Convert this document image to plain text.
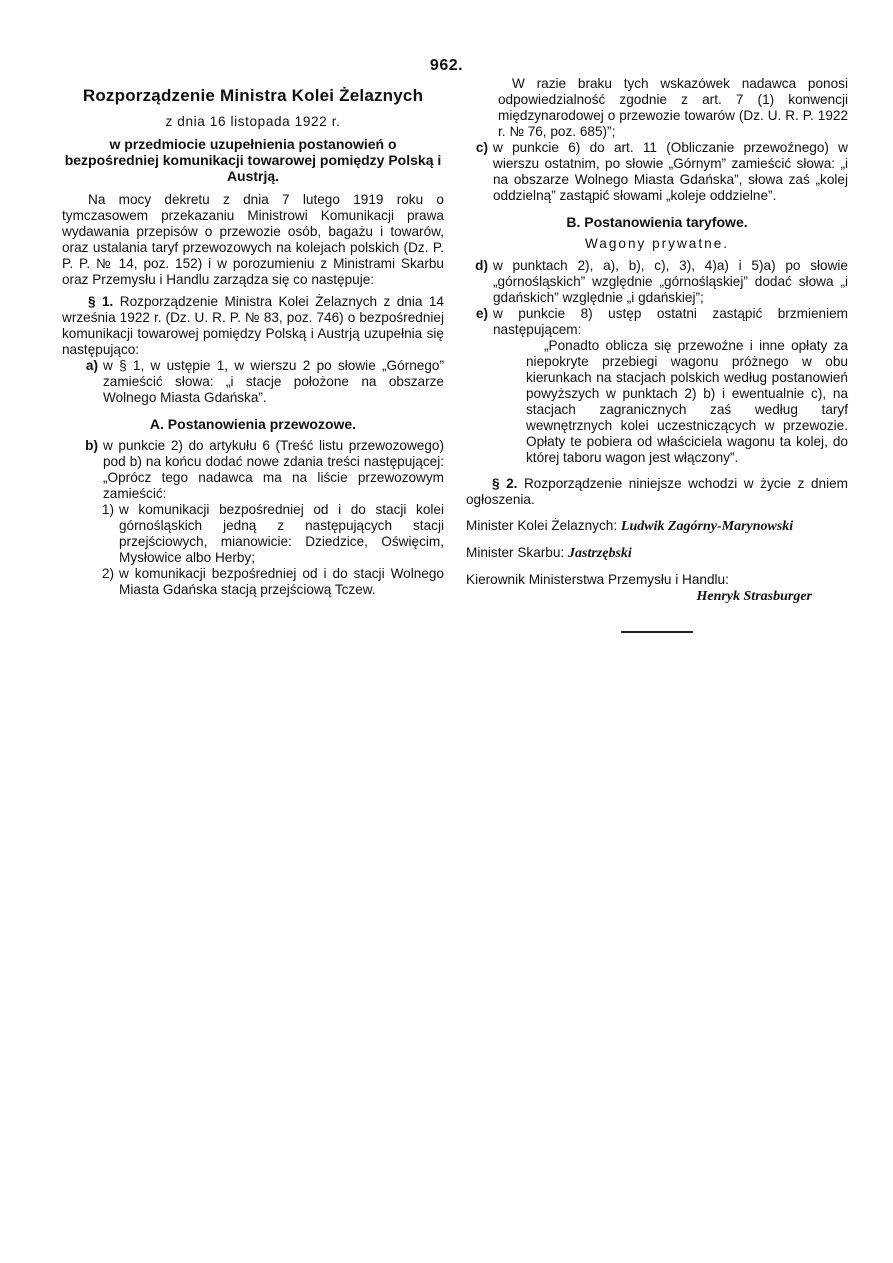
962.
Rozporządzenie Ministra Kolei Żelaznych
z dnia 16 listopada 1922 r.
w przedmiocie uzupełnienia postanowień o bezpośredniej komunikacji towarowej pomiędzy Polską i Austrją.

Na mocy dekretu z dnia 7 lutego 1919 roku o tymczasowem przekazaniu Ministrowi Komunikacji prawa wydawania przepisów o przewozie osób, bagażu i towarów, oraz ustalania taryf przewozowych na kolejach polskich (Dz. P. P. P. № 14, poz. 152) i w porozumieniu z Ministrami Skarbu oraz Przemysłu i Handlu zarządza się co następuje:

§ 1. Rozporządzenie Ministra Kolei Żelaznych z dnia 14 września 1922 r. (Dz. U. R. P. № 83, poz. 746) o bezpośredniej komunikacji towarowej pomiędzy Polską i Austrją uzupełnia się następująco:

a) w § 1, w ustępie 1, w wierszu 2 po słowie „Górnego” zamieścić słowa: „i stacje położone na obszarze Wolnego Miasta Gdańska”.
A. Postanowienia przewozowe.
b) w punkcie 2) do artykułu 6 (Treść listu przewozowego) pod b) na końcu dodać nowe zdania treści następującej: „Oprócz tego nadawca ma na liście przewozowym zamieścić:
1) w komunikacji bezpośredniej od i do stacji kolei górnośląskich jedną z następujących stacji przejściowych, mianowicie: Dziedzice, Oświęcim, Mysłowice albo Herby;
2) w komunikacji bezpośredniej od i do stacji Wolnego Miasta Gdańska stacją przejściową Tczew.

W razie braku tych wskazówek nadawca ponosi odpowiedzialność zgodnie z art. 7 (1) konwencji międzynarodowej o przewozie towarów (Dz. U. R. P. 1922 r. № 76, poz. 685)”;

c) w punkcie 6) do art. 11 (Obliczanie przewoźnego) w wierszu ostatnim, po słowie „Górnym” zamieścić słowa: „i na obszarze Wolnego Miasta Gdańska”, słowa zaś „kolej oddzielną” zastąpić słowami „koleje oddzielne”.
B. Postanowienia taryfowe.
Wagony prywatne.
d) w punktach 2), a), b), c), 3), 4)a) i 5)a) po słowie „górnośląskich” względnie „górnośląskiej” dodać słowa „i gdańskich” względnie „i gdańskiej”;
e) w punkcie 8) ustęp ostatni zastąpić brzmieniem następującem:

„Ponadto oblicza się przewoźne i inne opłaty za niepokryte przebiegi wagonu próżnego w obu kierunkach na stacjach polskich według postanowień powyższych w punktach 2) b) i ewentualnie c), na stacjach zagranicznych zaś według taryf wewnętrznych kolei uczestniczących w przewozie. Opłaty te pobiera od właściciela wagonu ta kolej, do której taboru wagon jest włączony”.

§ 2. Rozporządzenie niniejsze wchodzi w życie z dniem ogłoszenia.

Minister Kolei Żelaznych: Ludwik Zagórny-Marynowski

Minister Skarbu: Jastrzębski

Kierownik Ministerstwa Przemysłu i Handlu:

Henryk Strasburger
